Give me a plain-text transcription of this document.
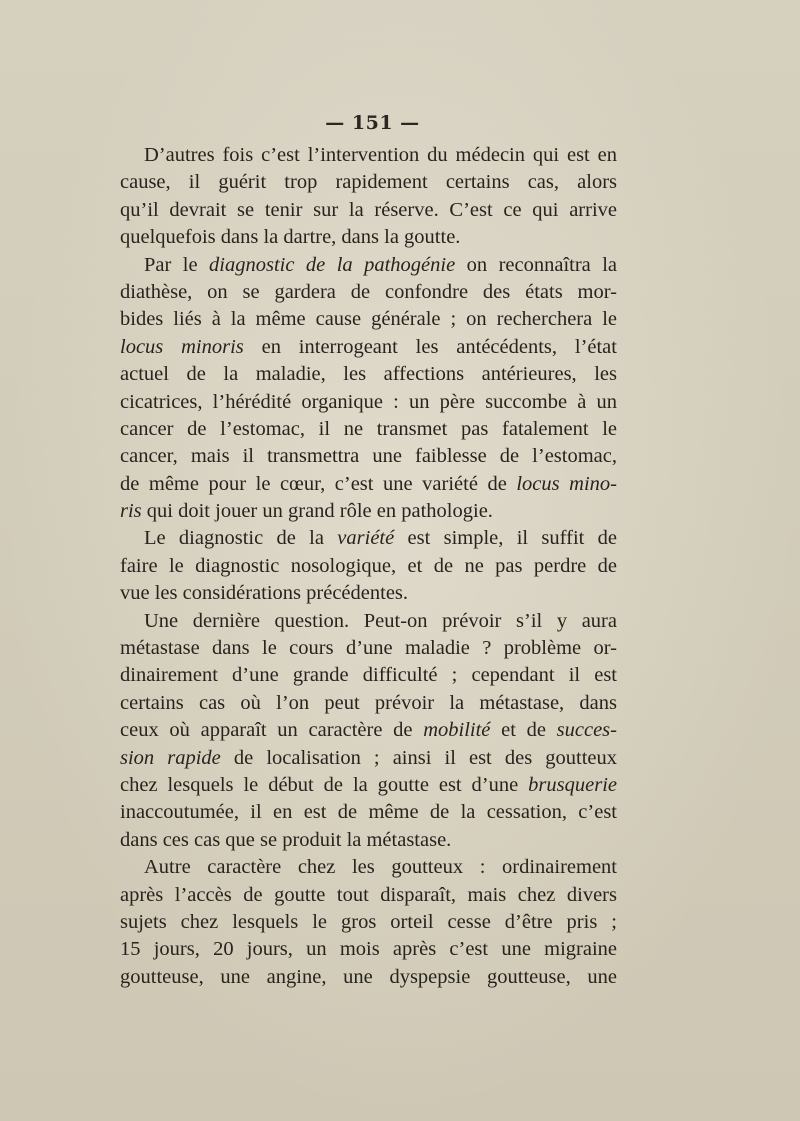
— 151 —
D’autres fois c’est l’intervention du médecin qui est en
cause, il guérit trop rapidement certains cas, alors
qu’il devrait se tenir sur la réserve. C’est ce qui arrive
quelquefois dans la dartre, dans la goutte.
Par le diagnostic de la pathogénie on reconnaîtra la
diathèse, on se gardera de confondre des états mor-
bides liés à la même cause générale ; on recherchera le
locus minoris en interrogeant les antécédents, l’état
actuel de la maladie, les affections antérieures, les
cicatrices, l’hérédité organique : un père succombe à un
cancer de l’estomac, il ne transmet pas fatalement le
cancer, mais il transmettra une faiblesse de l’estomac,
de même pour le cœur, c’est une variété de locus mino-
ris qui doit jouer un grand rôle en pathologie.
Le diagnostic de la variété est simple, il suffit de
faire le diagnostic nosologique, et de ne pas perdre de
vue les considérations précédentes.
Une dernière question. Peut-on prévoir s’il y aura
métastase dans le cours d’une maladie ? problème or-
dinairement d’une grande difficulté ; cependant il est
certains cas où l’on peut prévoir la métastase, dans
ceux où apparaît un caractère de mobilité et de succes-
sion rapide de localisation ; ainsi il est des goutteux
chez lesquels le début de la goutte est d’une brusquerie
inaccoutumée, il en est de même de la cessation, c’est
dans ces cas que se produit la métastase.
Autre caractère chez les goutteux : ordinairement
après l’accès de goutte tout disparaît, mais chez divers
sujets chez lesquels le gros orteil cesse d’être pris ;
15 jours, 20 jours, un mois après c’est une migraine
goutteuse, une angine, une dyspepsie goutteuse, une
